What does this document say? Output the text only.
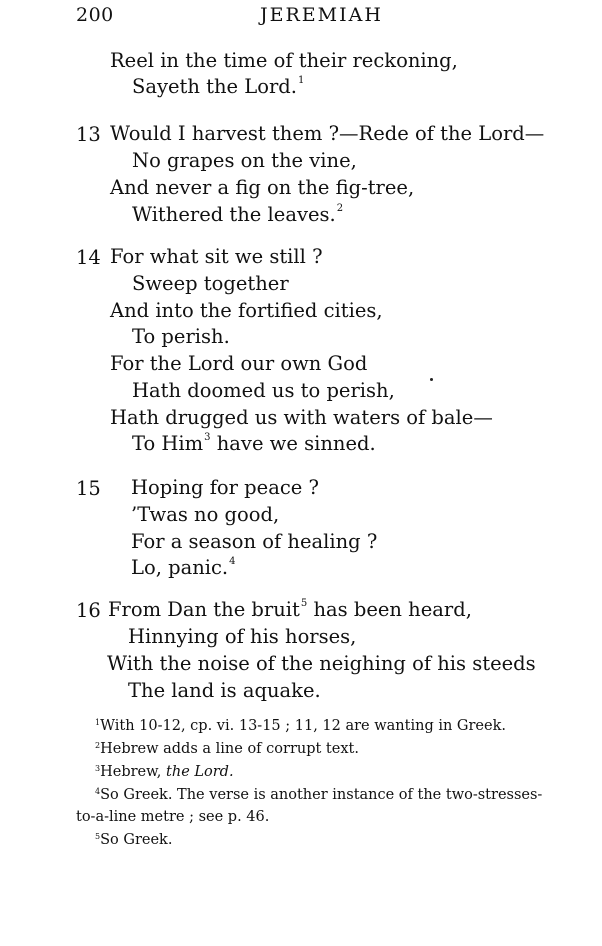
200	JEREMIAH
Reel in the time of their reckoning,
Sayeth the Lord.$^1$
13 Would I harvest them ?—Rede of the Lord—
No grapes on the vine,
And never a fig on the fig-tree,
Withered the leaves.$^2$
14 For what sit we still ?
Sweep together
And into the fortified cities,
To perish.
For the Lord our own God
Hath doomed us to perish,
Hath drugged us with waters of bale—
To Him$^3$ have we sinned.
15 Hoping for peace ?
’Twas no good,
For a season of healing ?
Lo, panic.$^4$
16 From Dan the bruit$^5$ has been heard,
Hinnying of his horses,
With the noise of the neighing of his steeds
The land is aquake.
$^1$With 10-12, cp. vi. 13-15 ; 11, 12 are wanting in Greek.
$^2$Hebrew adds a line of corrupt text.
$^3$Hebrew, the Lord.
$^4$So Greek. The verse is another instance of the two-stresses-
to-a-line metre ; see p. 46.
$^5$So Greek.
